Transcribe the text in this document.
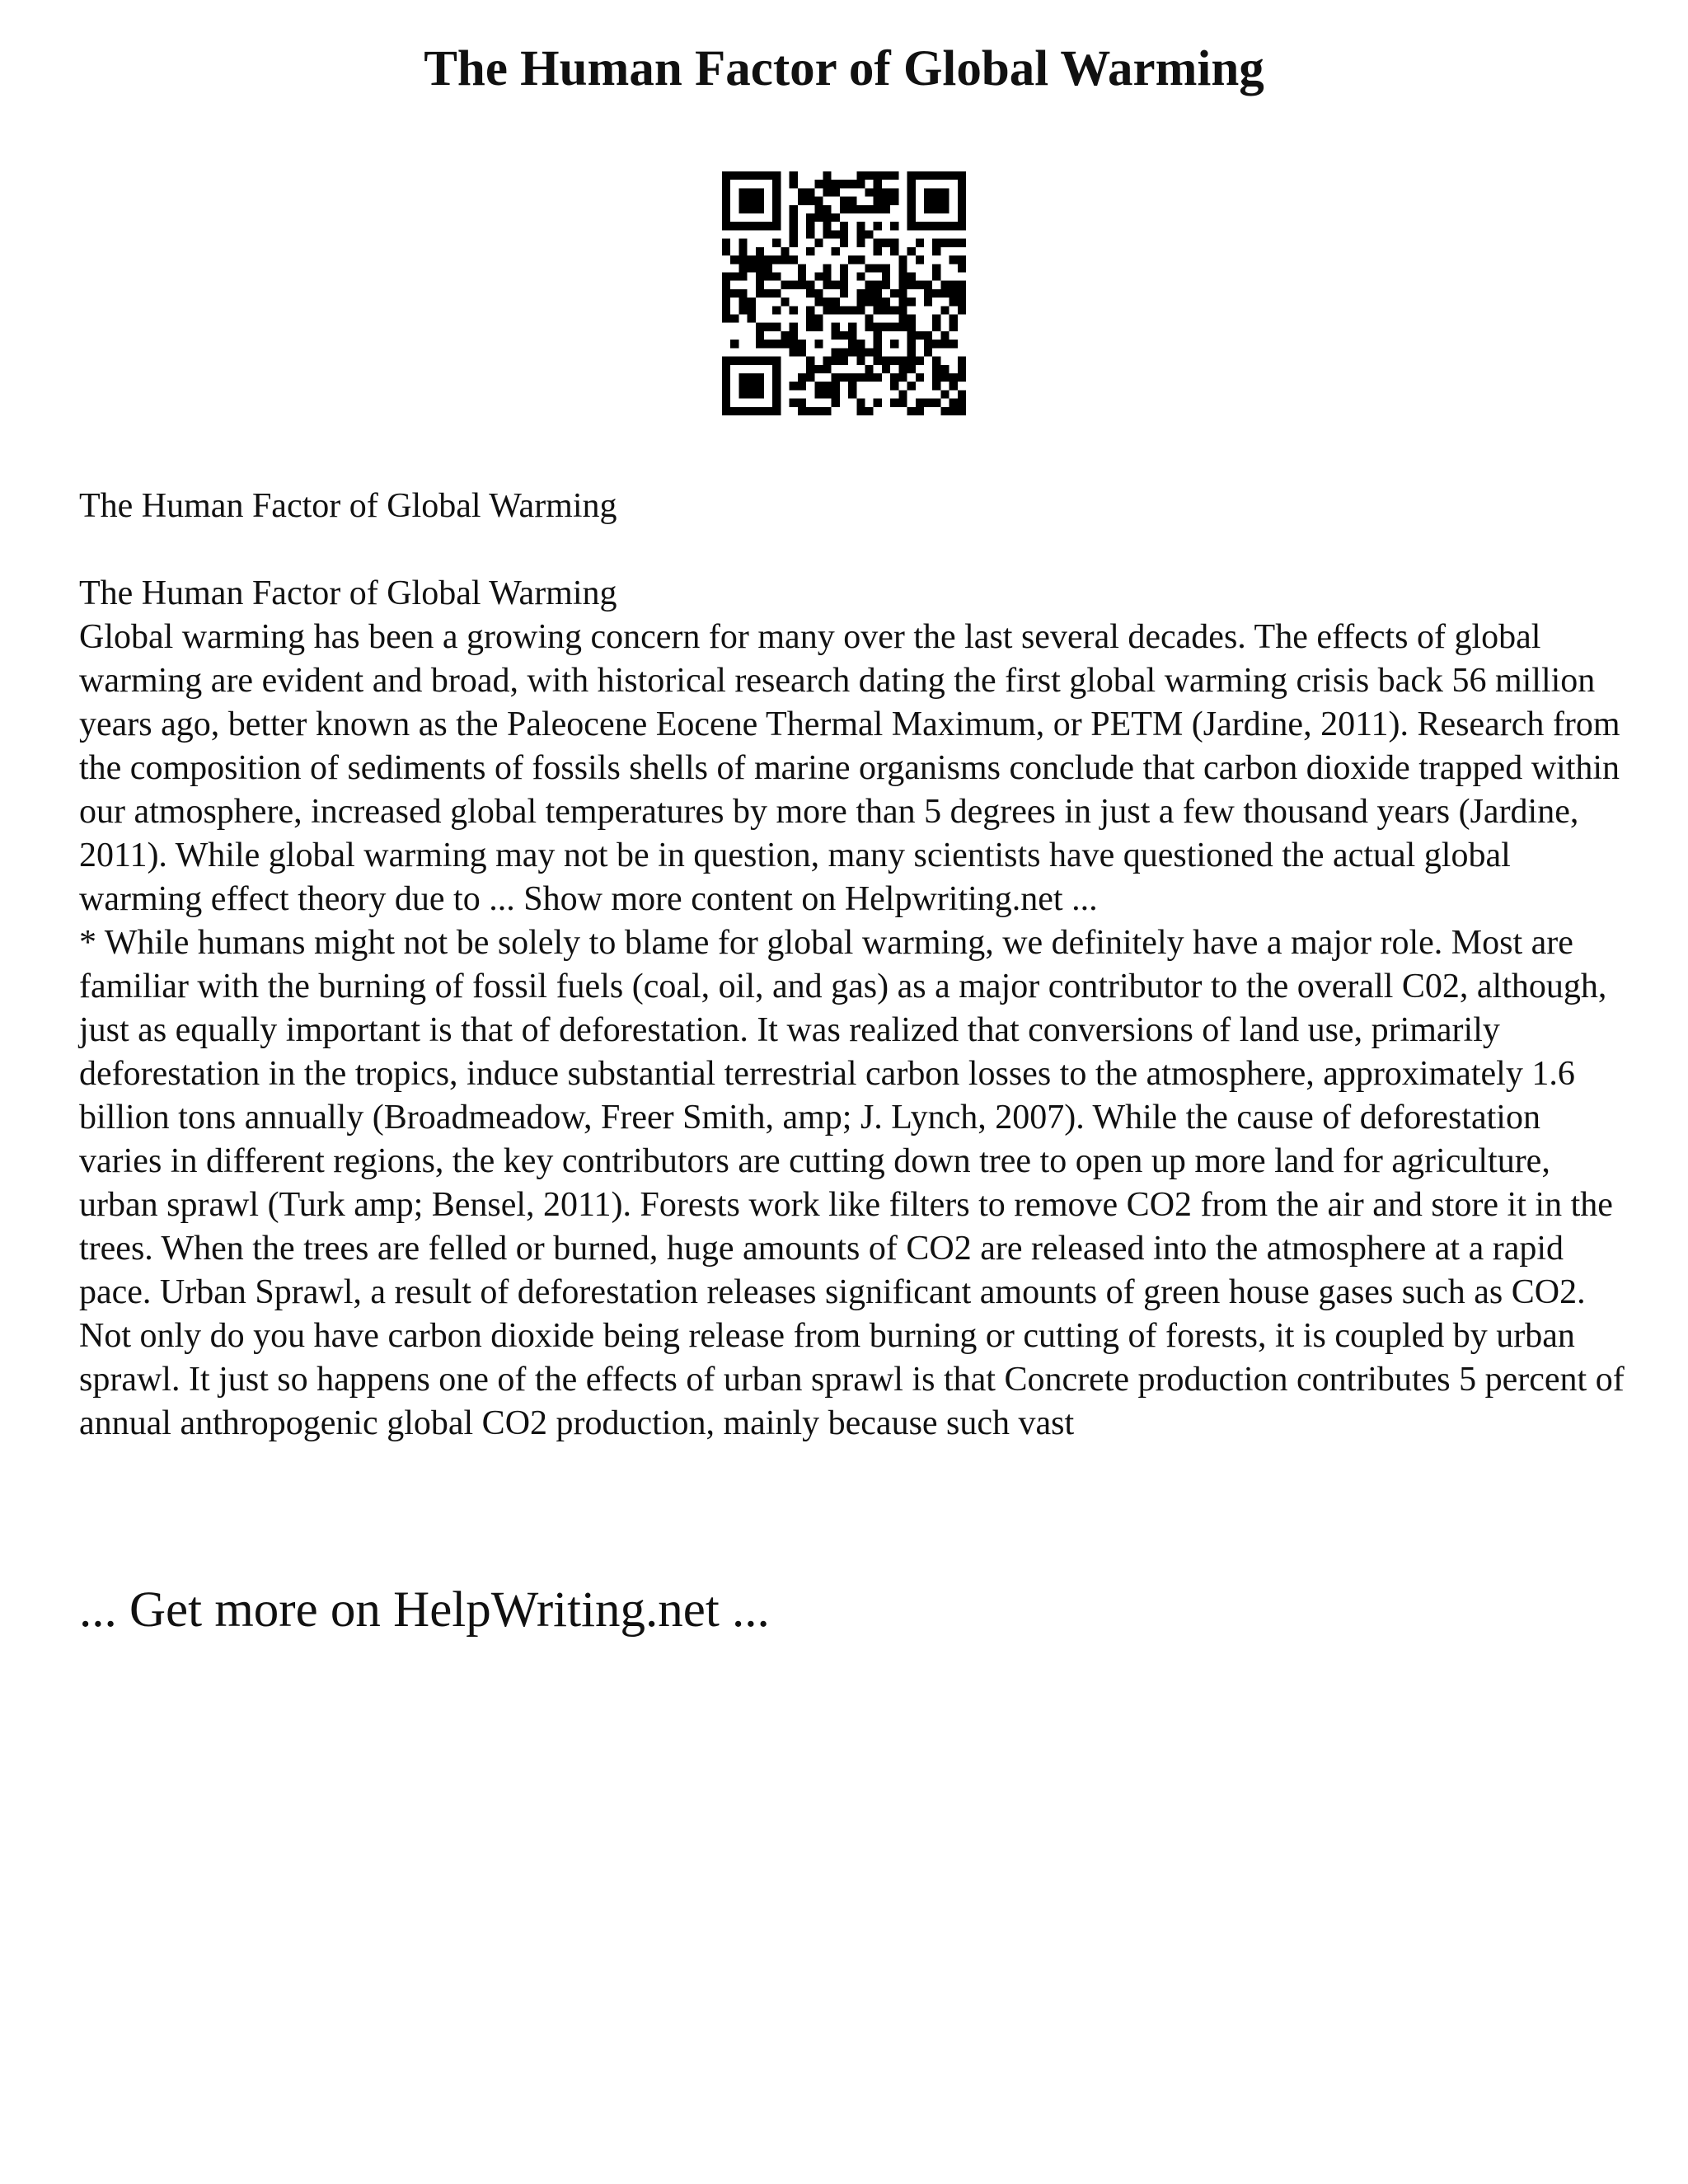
The Human Factor of Global Warming

The Human Factor of Global Warming

The Human Factor of Global Warming

Global warming has been a growing concern for many over the last several decades. The effects of global warming are evident and broad, with historical research dating the first global warming crisis back 56 million years ago, better known as the Paleocene Eocene Thermal Maximum, or PETM (Jardine, 2011). Research from the composition of sediments of fossils shells of marine organisms conclude that carbon dioxide trapped within our atmosphere, increased global temperatures by more than 5 degrees in just a few thousand years (Jardine, 2011). While global warming may not be in question, many scientists have questioned the actual global warming effect theory due to ... Show more content on Helpwriting.net ...

* While humans might not be solely to blame for global warming, we definitely have a major role. Most are familiar with the burning of fossil fuels (coal, oil, and gas) as a major contributor to the overall C02, although, just as equally important is that of deforestation. It was realized that conversions of land use, primarily deforestation in the tropics, induce substantial terrestrial carbon losses to the atmosphere, approximately 1.6 billion tons annually (Broadmeadow, Freer Smith, amp; J. Lynch, 2007). While the cause of deforestation varies in different regions, the key contributors are cutting down tree to open up more land for agriculture, urban sprawl (Turk amp; Bensel, 2011). Forests work like filters to remove CO2 from the air and store it in the trees. When the trees are felled or burned, huge amounts of CO2 are released into the atmosphere at a rapid pace. Urban Sprawl, a result of deforestation releases significant amounts of green house gases such as CO2. Not only do you have carbon dioxide being release from burning or cutting of forests, it is coupled by urban sprawl. It just so happens one of the effects of urban sprawl is that Concrete production contributes 5 percent of annual anthropogenic global CO2 production, mainly because such vast

... Get more on HelpWriting.net ...
